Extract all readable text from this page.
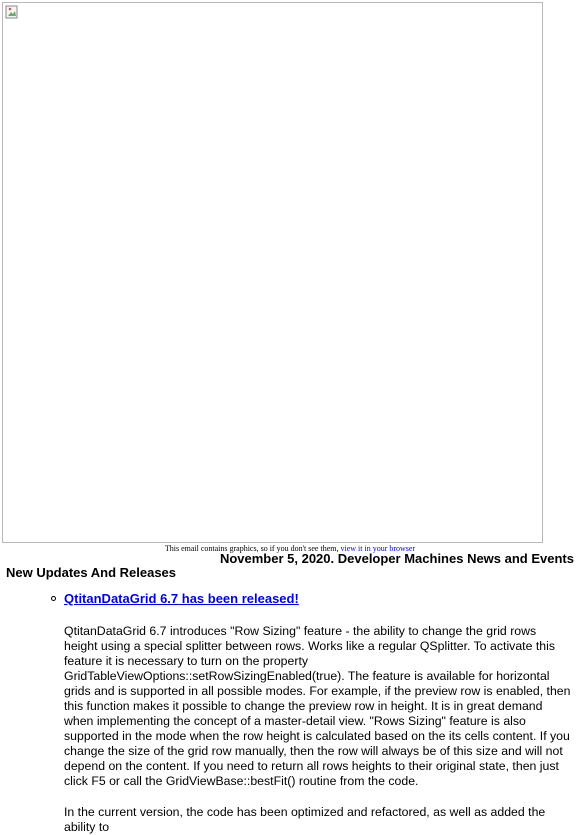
This email contains graphics, so if you don't see them, view it in your browser
November 5, 2020. Developer Machines News and Events
New Updates And Releases
QtitanDataGrid 6.7 has been released!

QtitanDataGrid 6.7 introduces "Row Sizing" feature - the ability to change the grid rows height using a special splitter between rows. Works like a regular QSplitter. To activate this feature it is necessary to turn on the property GridTableViewOptions::setRowSizingEnabled(true). The feature is available for horizontal grids and is supported in all possible modes. For example, if the preview row is enabled, then this function makes it possible to change the preview row in height. It is in great demand when implementing the concept of a master-detail view. "Rows Sizing" feature is also supported in the mode when the row height is calculated based on the its cells content. If you change the size of the grid row manually, then the row will always be of this size and will not depend on the content. If you need to return all rows heights to their original state, then just click F5 or call the GridViewBase::bestFit() routine from the code.

In the current version, the code has been optimized and refactored, as well as added the ability to
